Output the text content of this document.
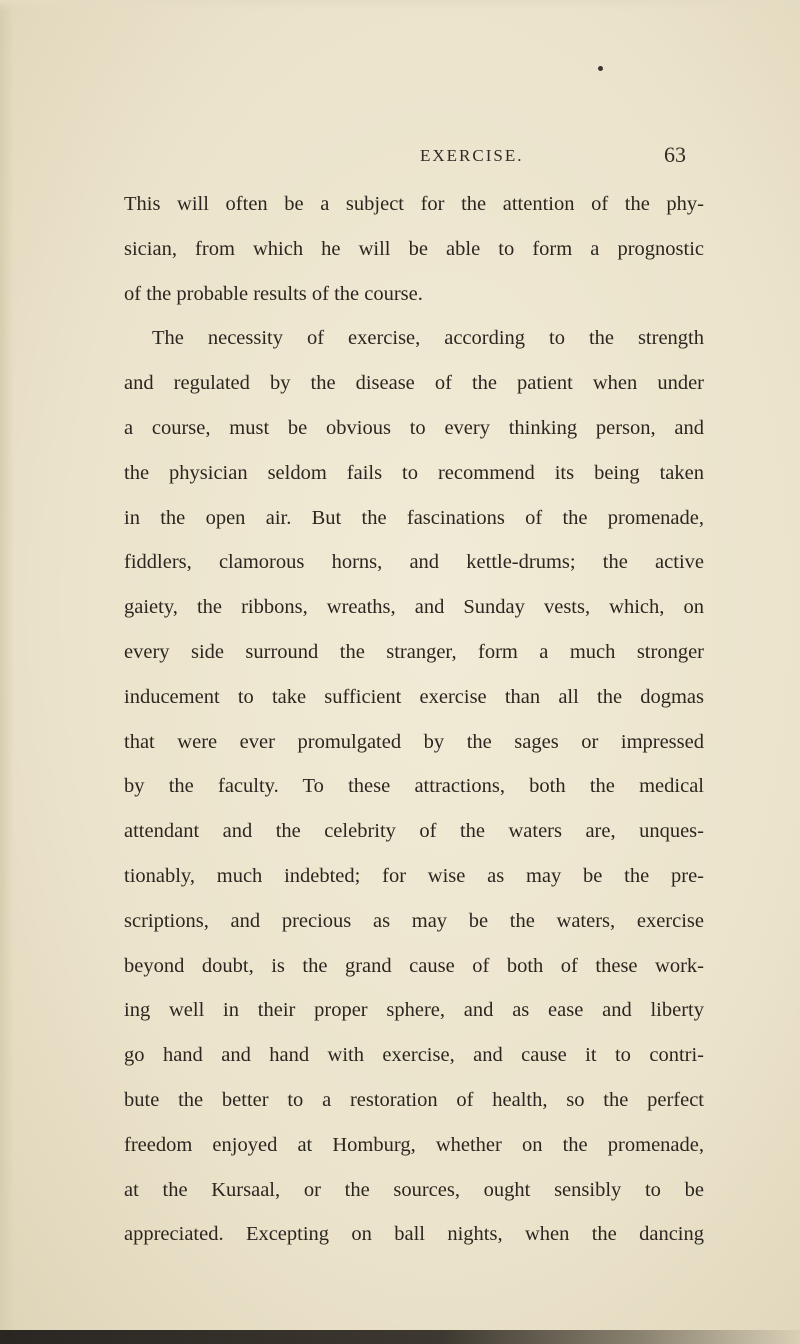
EXERCISE.	63
This will often be a subject for the attention of the phy-
sician, from which he will be able to form a prognostic
of the probable results of the course.
The necessity of exercise, according to the strength
and regulated by the disease of the patient when under
a course, must be obvious to every thinking person, and
the physician seldom fails to recommend its being taken
in the open air. But the fascinations of the promenade,
fiddlers, clamorous horns, and kettle-drums; the active
gaiety, the ribbons, wreaths, and Sunday vests, which, on
every side surround the stranger, form a much stronger
inducement to take sufficient exercise than all the dogmas
that were ever promulgated by the sages or impressed
by the faculty. To these attractions, both the medical
attendant and the celebrity of the waters are, unques-
tionably, much indebted; for wise as may be the pre-
scriptions, and precious as may be the waters, exercise
beyond doubt, is the grand cause of both of these work-
ing well in their proper sphere, and as ease and liberty
go hand and hand with exercise, and cause it to contri-
bute the better to a restoration of health, so the perfect
freedom enjoyed at Homburg, whether on the promenade,
at the Kursaal, or the sources, ought sensibly to be
appreciated. Excepting on ball nights, when the dancing
